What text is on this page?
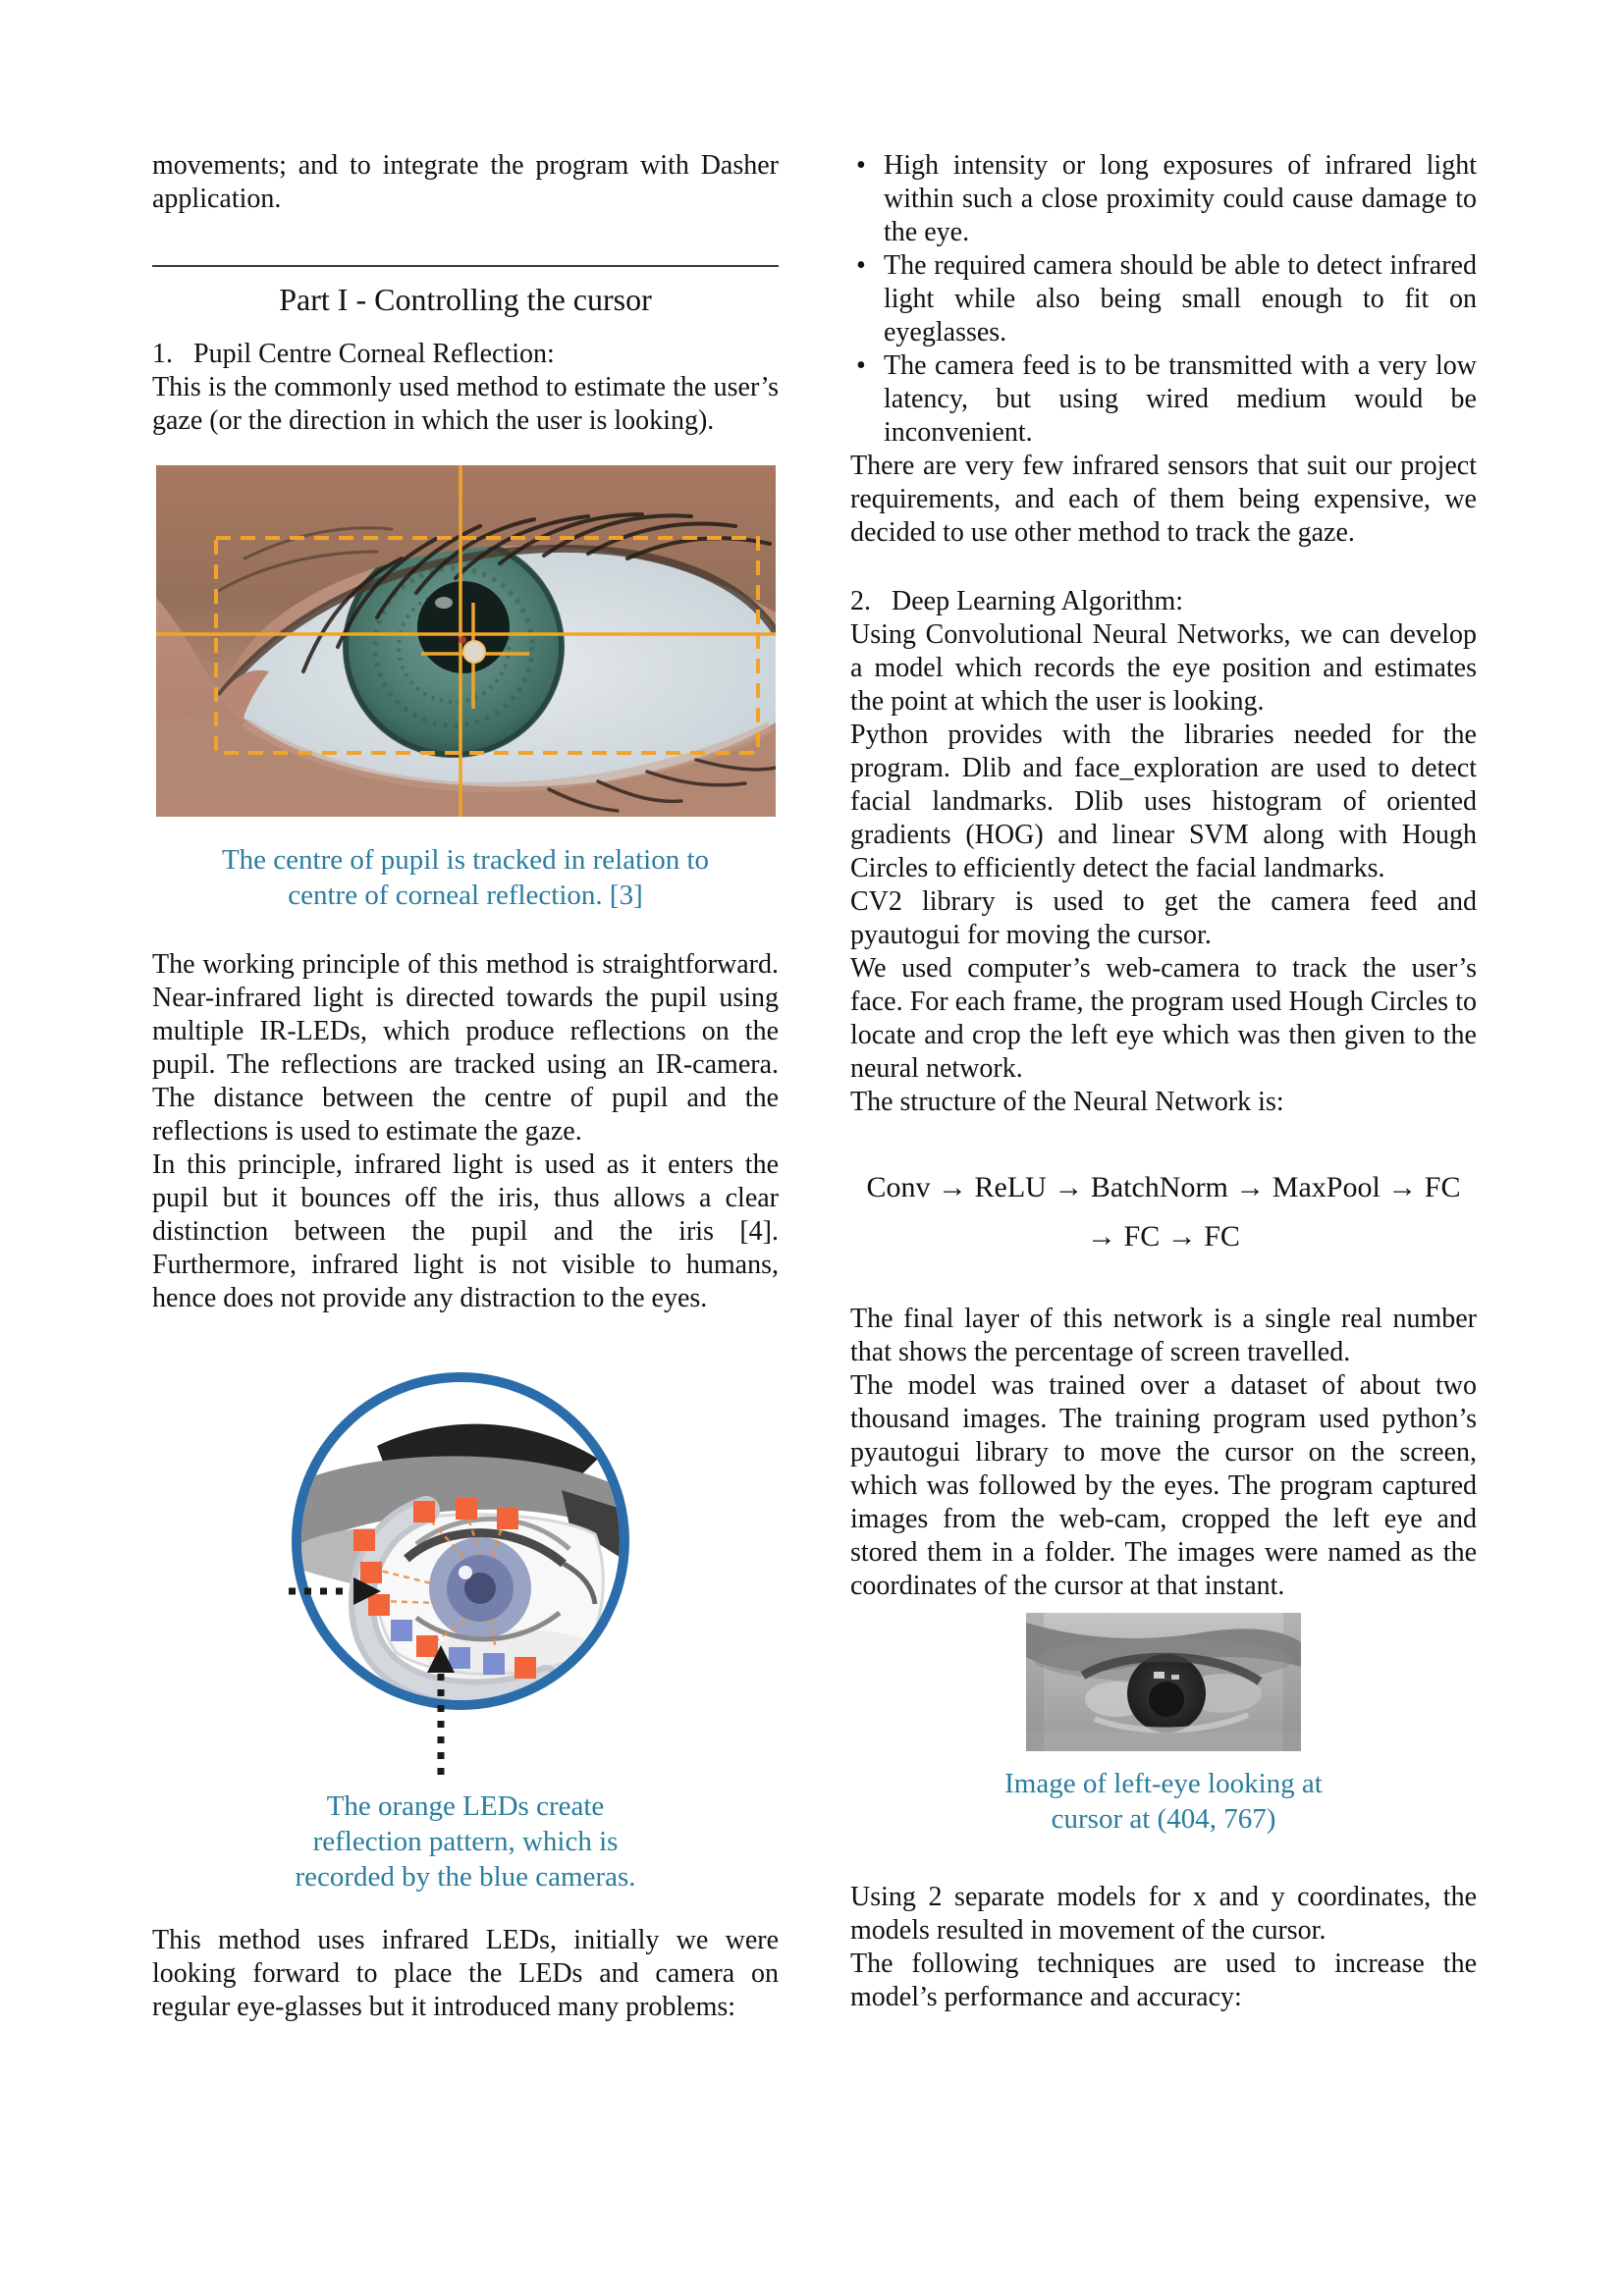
movements; and to integrate the program with Dasher application.

Part I - Controlling the cursor

1.   Pupil Centre Corneal Reflection:

This is the commonly used method to estimate the user’s gaze (or the direction in which the user is looking).

The centre of pupil is tracked in relation to
centre of corneal reflection. [3]

The working principle of this method is straightforward. Near-infrared light is directed towards the pupil using multiple IR-LEDs, which produce reflections on the pupil. The reflections are tracked using an IR-camera. The distance between the centre of pupil and the reflections is used to estimate the gaze.

In this principle, infrared light is used as it enters the pupil but it bounces off the iris, thus allows a clear distinction between the pupil and the iris [4]. Furthermore, infrared light is not visible to humans, hence does not provide any distraction to the eyes.

The orange LEDs create
reflection pattern, which is
recorded by the blue cameras.

This method uses infrared LEDs, initially we were looking forward to place the LEDs and camera on regular eye-glasses but it introduced many problems:

• High intensity or long exposures of infrared light within such a close proximity could cause damage to the eye.
• The required camera should be able to detect infrared light while also being small enough to fit on eyeglasses.
• The camera feed is to be transmitted with a very low latency, but using wired medium would be inconvenient.

There are very few infrared sensors that suit our project requirements, and each of them being expensive, we decided to use other method to track the gaze.

2.   Deep Learning Algorithm:

Using Convolutional Neural Networks, we can develop a model which records the eye position and estimates the point at which the user is looking.

Python provides with the libraries needed for the program. Dlib and face_exploration are used to detect facial landmarks. Dlib uses histogram of oriented gradients (HOG) and linear SVM along with Hough Circles to efficiently detect the facial landmarks.

CV2 library is used to get the camera feed and pyautogui for moving the cursor.

We used computer’s web-camera to track the user’s face. For each frame, the program used Hough Circles to locate and crop the left eye which was then given to the neural network.

The structure of the Neural Network is:

Conv → ReLU → BatchNorm → MaxPool → FC
→ FC → FC

The final layer of this network is a single real number that shows the percentage of screen travelled.

The model was trained over a dataset of about two thousand images. The training program used python’s pyautogui library to move the cursor on the screen, which was followed by the eyes. The program captured images from the web-cam, cropped the left eye and stored them in a folder. The images were named as the coordinates of the cursor at that instant.

Image of left-eye looking at
cursor at (404, 767)

Using 2 separate models for x and y coordinates, the models resulted in movement of the cursor.

The following techniques are used to increase the model’s performance and accuracy:
